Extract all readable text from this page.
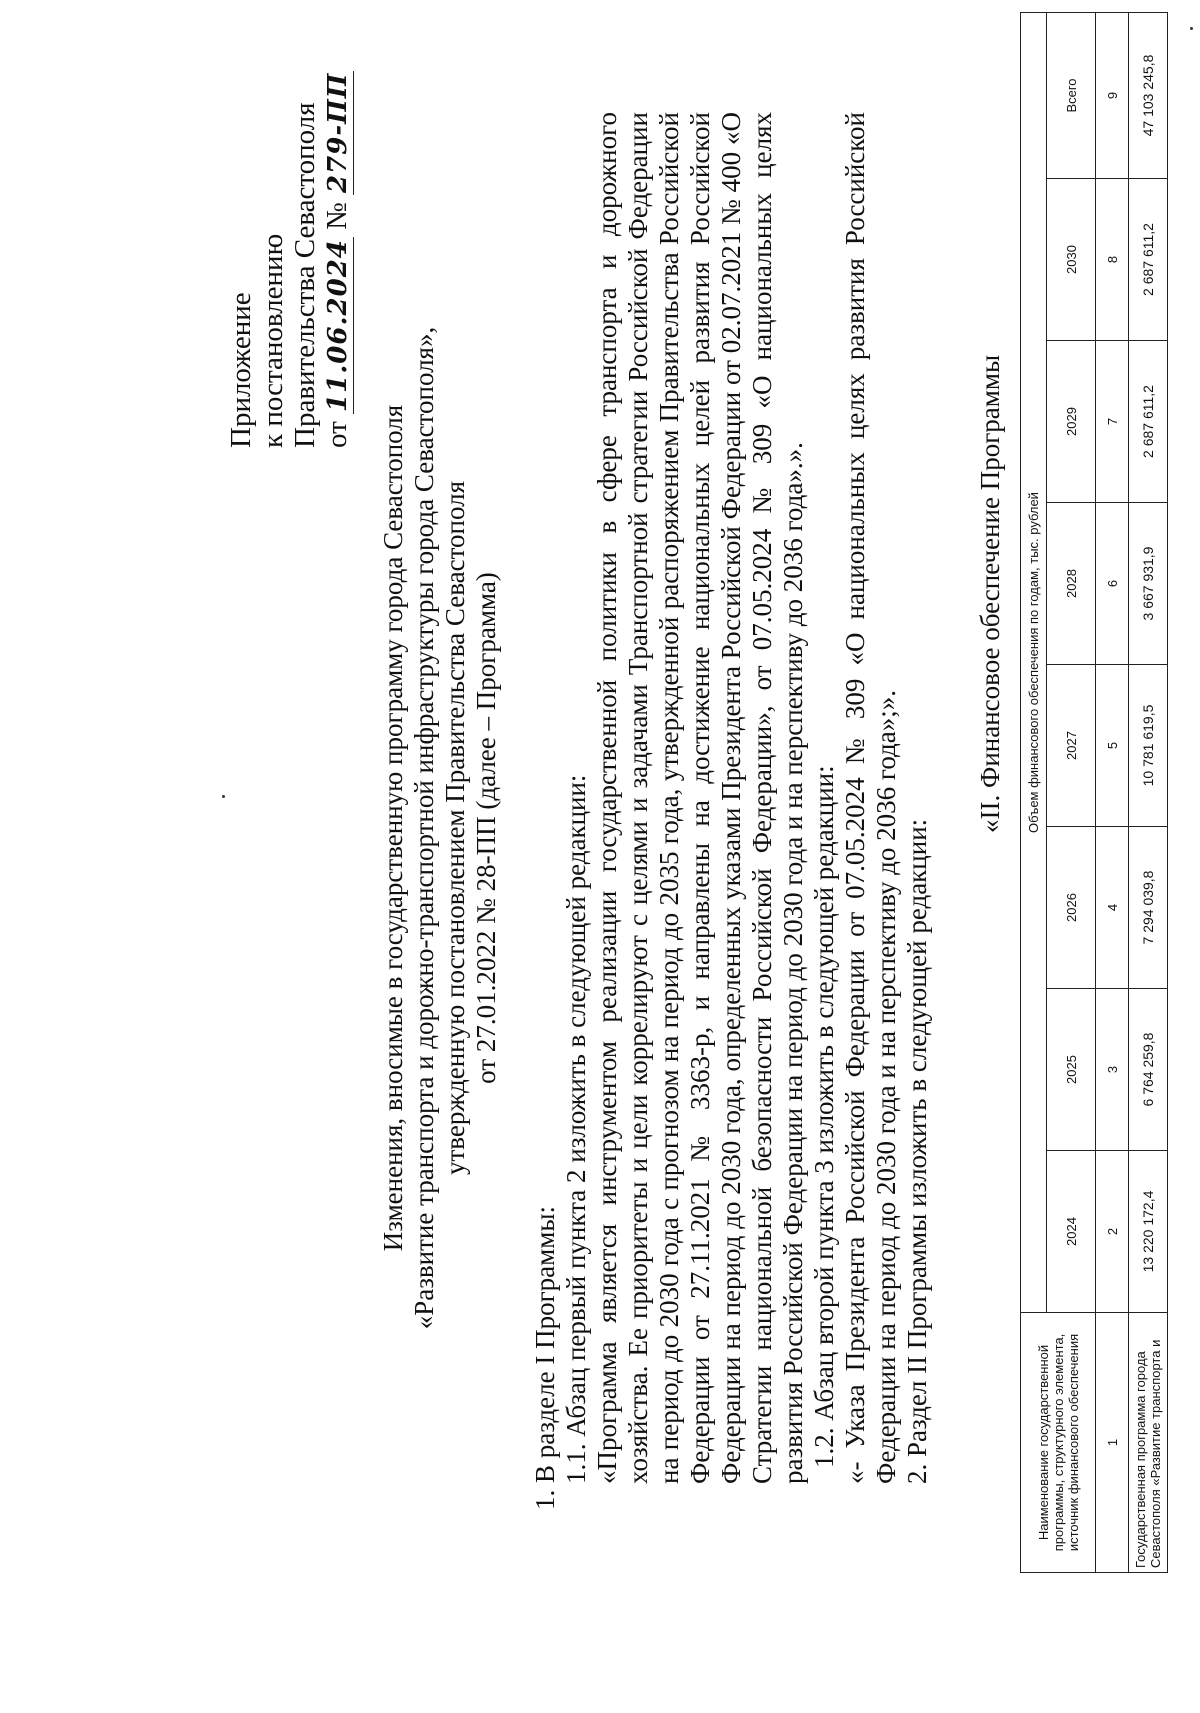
Приложение к постановлению Правительства Севастополя от 11.06.2024 № 279-ПП
Изменения, вносимые в государственную программу города Севастополя «Развитие транспорта и дорожно-транспортной инфраструктуры города Севастополя», утвержденную постановлением Правительства Севастополя от 27.01.2022 № 28-ПП (далее – Программа)

1. В разделе I Программы: 1.1. Абзац первый пункта 2 изложить в следующей редакции: «Программа является инструментом реализации государственной политики в сфере транспорта и дорожного хозяйства. Ее приоритеты и цели коррелируют с целями и задачами Транспортной стратегии Российской Федерации на период до 2030 года с прогнозом на период до 2035 года, утвержденной распоряжением Правительства Российской Федерации от 27.11.2021 № 3363-р, и направлены на достижение национальных целей развития Российской Федерации на период до 2030 года, определенных указами Президента Российской Федерации от 02.07.2021 № 400 «О Стратегии национальной безопасности Российской Федерации», от 07.05.2024 № 309 «О национальных целях развития Российской Федерации на период до 2030 года и на перспективу до 2036 года».». 1.2. Абзац второй пункта 3 изложить в следующей редакции: «- Указа Президента Российской Федерации от 07.05.2024 № 309 «О национальных целях развития Российской Федерации на период до 2030 года и на перспективу до 2036 года»;». 2. Раздел II Программы изложить в следующей редакции:

«II. Финансовое обеспечение Программы
Наименование государственной программы, структурного элемента, источник финансового обеспечения	Объем финансового обеспечения по годам, тыс. рублей							
	2024	2025	2026	2027	2028	2029	2030	Всего
1	2	3	4	5	6	7	8	9
Государственная программа города Севастополя «Развитие транспорта и	13 220 172,4	6 764 259,8	7 294 039,8	10 781 619,5	3 667 931,9	2 687 611,2	2 687 611,2	47 103 245,8
